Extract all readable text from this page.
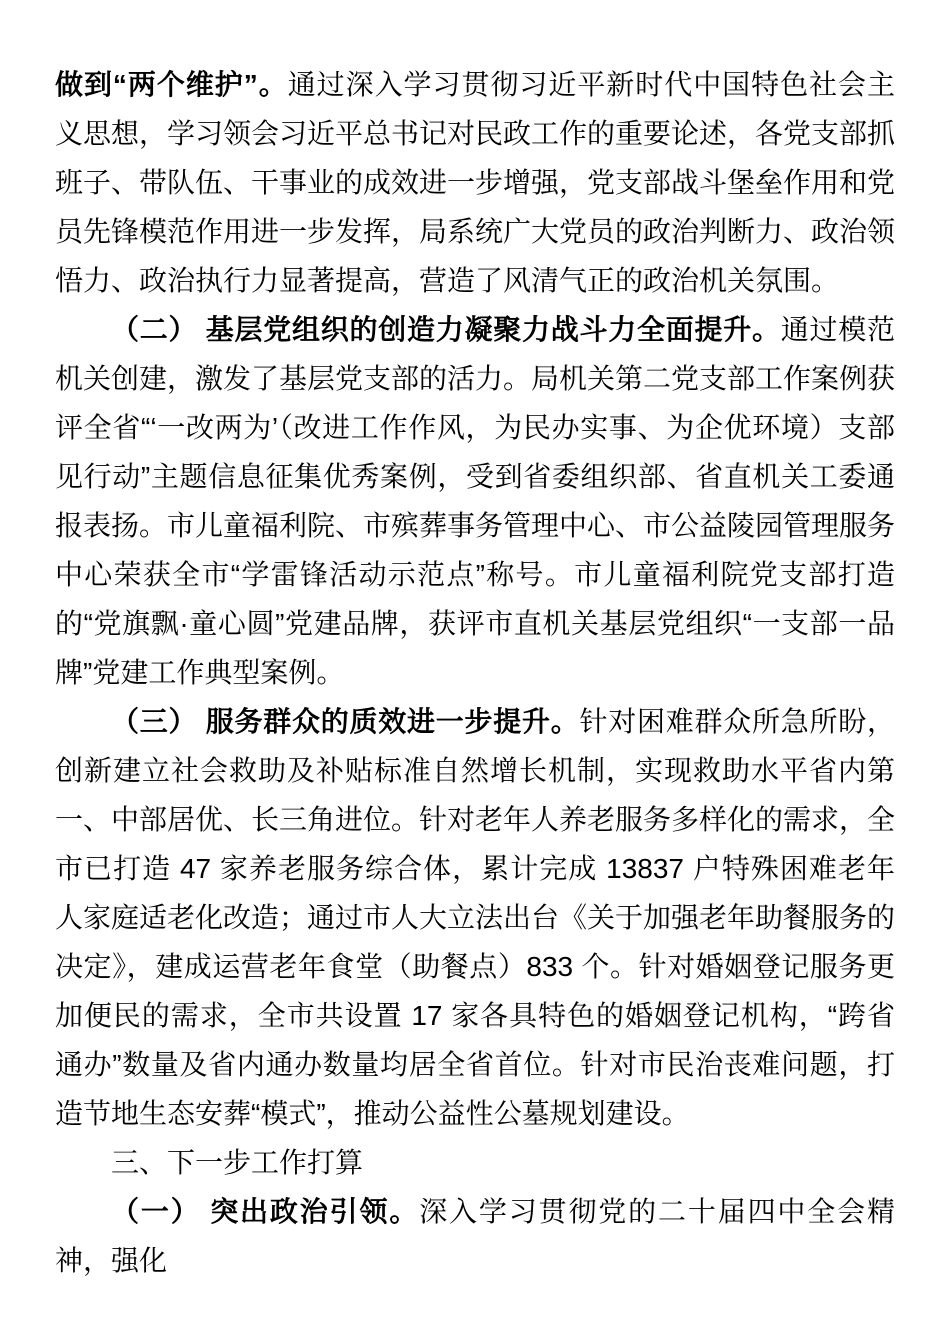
做到“两个维护”。通过深入学习贯彻习近平新时代中国特色社会主义思想，学习领会习近平总书记对民政工作的重要论述，各党支部抓班子、带队伍、干事业的成效进一步增强，党支部战斗堡垒作用和党员先锋模范作用进一步发挥，局系统广大党员的政治判断力、政治领悟力、政治执行力显著提高，营造了风清气正的政治机关氛围。

（二） 基层党组织的创造力凝聚力战斗力全面提升。通过模范机关创建，激发了基层党支部的活力。局机关第二党支部工作案例获评全省“‘一改两为’（改进工作作风，为民办实事、为企优环境）支部见行动”主题信息征集优秀案例，受到省委组织部、省直机关工委通报表扬。市儿童福利院、市殡葬事务管理中心、市公益陵园管理服务中心荣获全市“学雷锋活动示范点”称号。市儿童福利院党支部打造的“党旗飘·童心圆”党建品牌，获评市直机关基层党组织“一支部一品牌”党建工作典型案例。

（三） 服务群众的质效进一步提升。针对困难群众所急所盼，创新建立社会救助及补贴标准自然增长机制，实现救助水平省内第一、中部居优、长三角进位。针对老年人养老服务多样化的需求，全市已打造 47 家养老服务综合体，累计完成 13837 户特殊困难老年人家庭适老化改造；通过市人大立法出台《关于加强老年助餐服务的决定》，建成运营老年食堂（助餐点）833 个。针对婚姻登记服务更加便民的需求，全市共设置 17 家各具特色的婚姻登记机构，“跨省通办”数量及省内通办数量均居全省首位。针对市民治丧难问题，打造节地生态安葬“模式”，推动公益性公墓规划建设。

三、下一步工作打算

（一） 突出政治引领。深入学习贯彻党的二十届四中全会精神，强化
